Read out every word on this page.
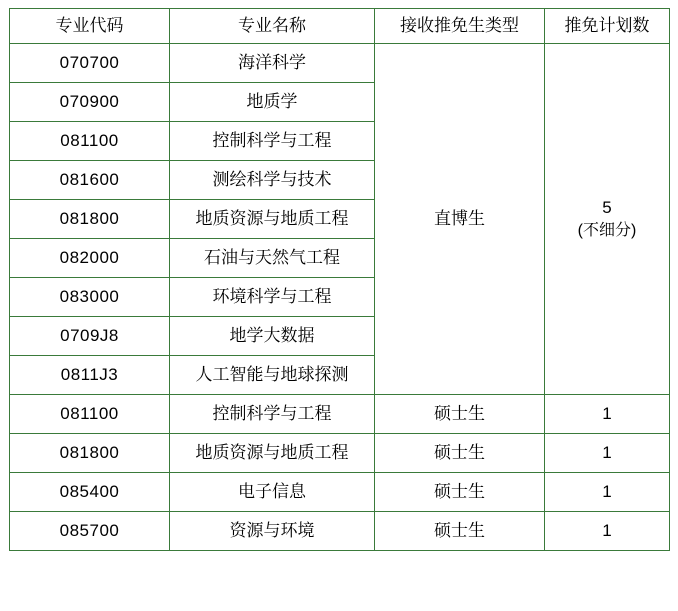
专业代码	专业名称	接收推免生类型	推免计划数
070700	海洋科学	直博生	5
(不细分)

070900	地质学		
081100	控制科学与工程		
081600	测绘科学与技术		
081800	地质资源与地质工程		
082000	石油与天然气工程		
083000	环境科学与工程		
0709J8	地学大数据		
0811J3	人工智能与地球探测		
081100	控制科学与工程	硕士生	1
081800	地质资源与地质工程	硕士生	1
085400	电子信息	硕士生	1
085700	资源与环境	硕士生	1
